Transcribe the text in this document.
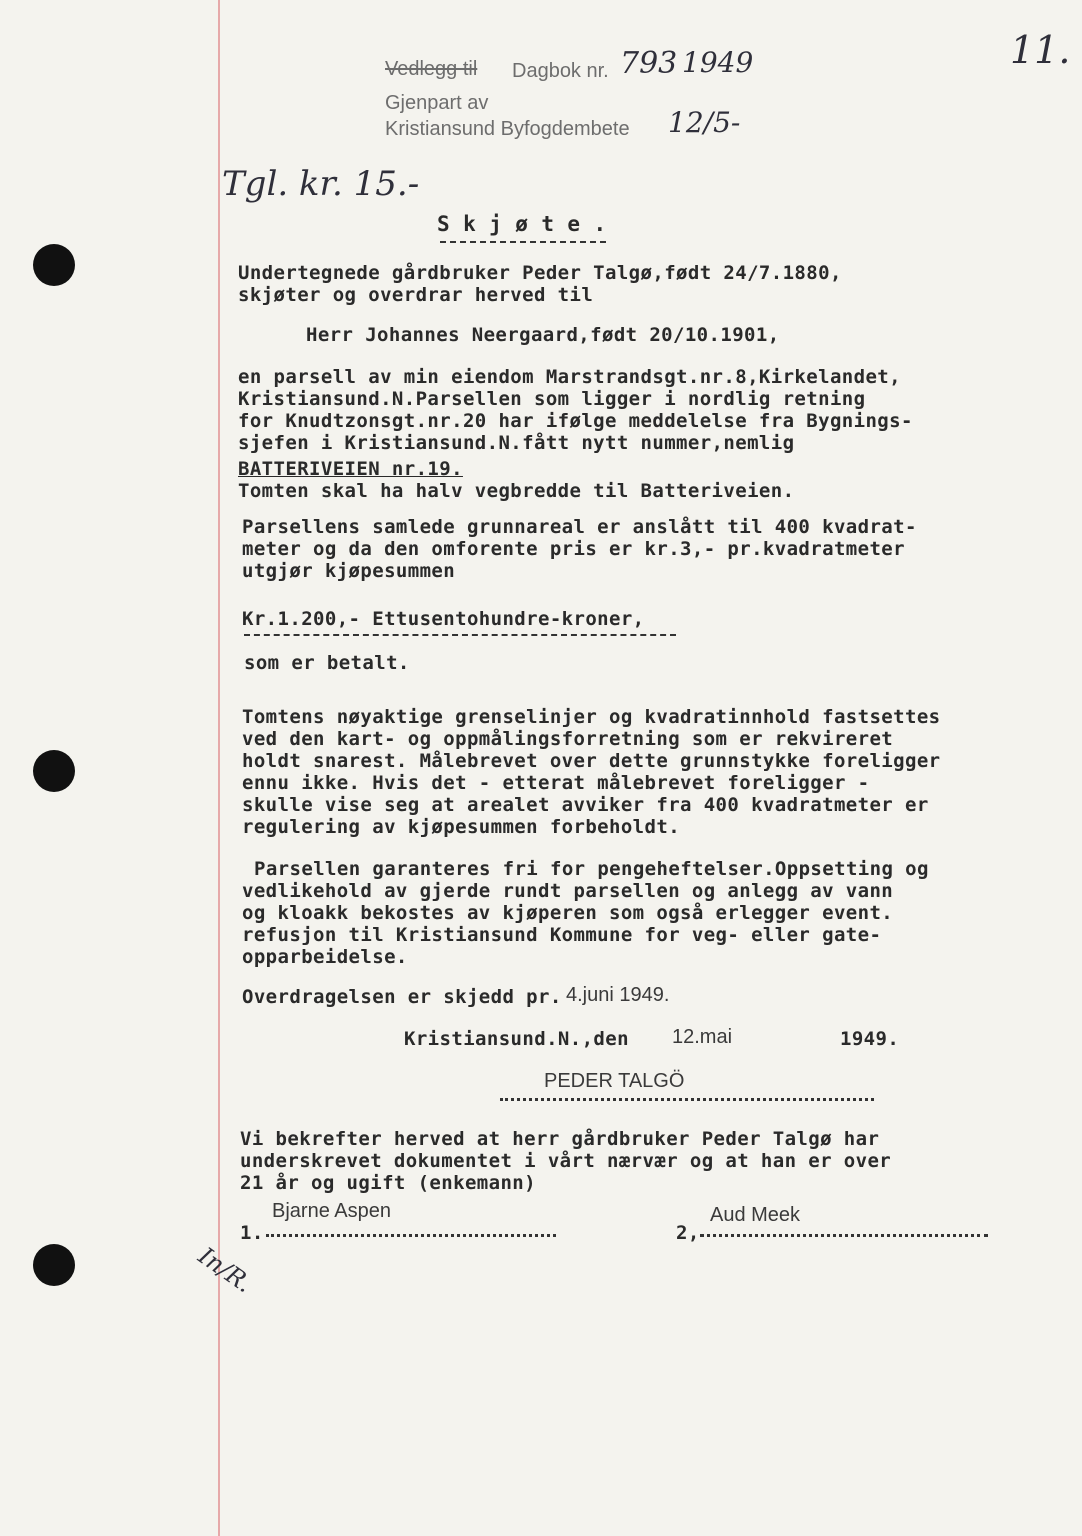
Vedlegg til Dagbok nr. 793 1949
Gjenpart av
Kristiansund Byfogdembete 12/5-
11.
Tgl. kr. 15.-
S k j ø t e .
Undertegnede gårdbruker Peder Talgø,født 24/7.1880,
skjøter og overdrar herved til
Herr Johannes Neergaard,født 20/10.1901,
en parsell av min eiendom Marstrandsgt.nr.8,Kirkelandet,
Kristiansund.N.Parsellen som ligger i nordlig retning
for Knudtzonsgt.nr.20 har ifølge meddelelse fra Bygnings-
sjefen i Kristiansund.N.fått nytt nummer,nemlig
BATTERIVEIEN nr.19.
Tomten skal ha halv vegbredde til Batteriveien.
Parsellens samlede grunnareal er anslått til 400 kvadrat-
meter og da den omforente pris er kr.3,- pr.kvadratmeter
utgjør kjøpesummen
Kr.1.200,- Ettusentohundre-kroner,
som er betalt.
Tomtens nøyaktige grenselinjer og kvadratinnhold fastsettes
ved den kart- og oppmålingsforretning som er rekvireret
holdt snarest. Målebrevet over dette grunnstykke foreligger
ennu ikke. Hvis det - etterat målebrevet foreligger -
skulle vise seg at arealet avviker fra 400 kvadratmeter er
regulering av kjøpesummen forbeholdt.
Parsellen garanteres fri for pengeheftelser.Oppsetting og
vedlikehold av gjerde rundt parsellen og anlegg av vann
og kloakk bekostes av kjøperen som også erlegger event.
refusjon til Kristiansund Kommune for veg- eller gate-
opparbeidelse.
Overdragelsen er skjedd pr. 4.juni 1949.
Kristiansund.N.,den 12.mai	1949.
PEDER TALGÖ
Vi bekrefter herved at herr gårdbruker Peder Talgø har
underskrevet dokumentet i vårt nærvær og at han er over
21 år og ugift (enkemann)
1.
Bjarne Aspen
2,
Aud Meek
In/R.
